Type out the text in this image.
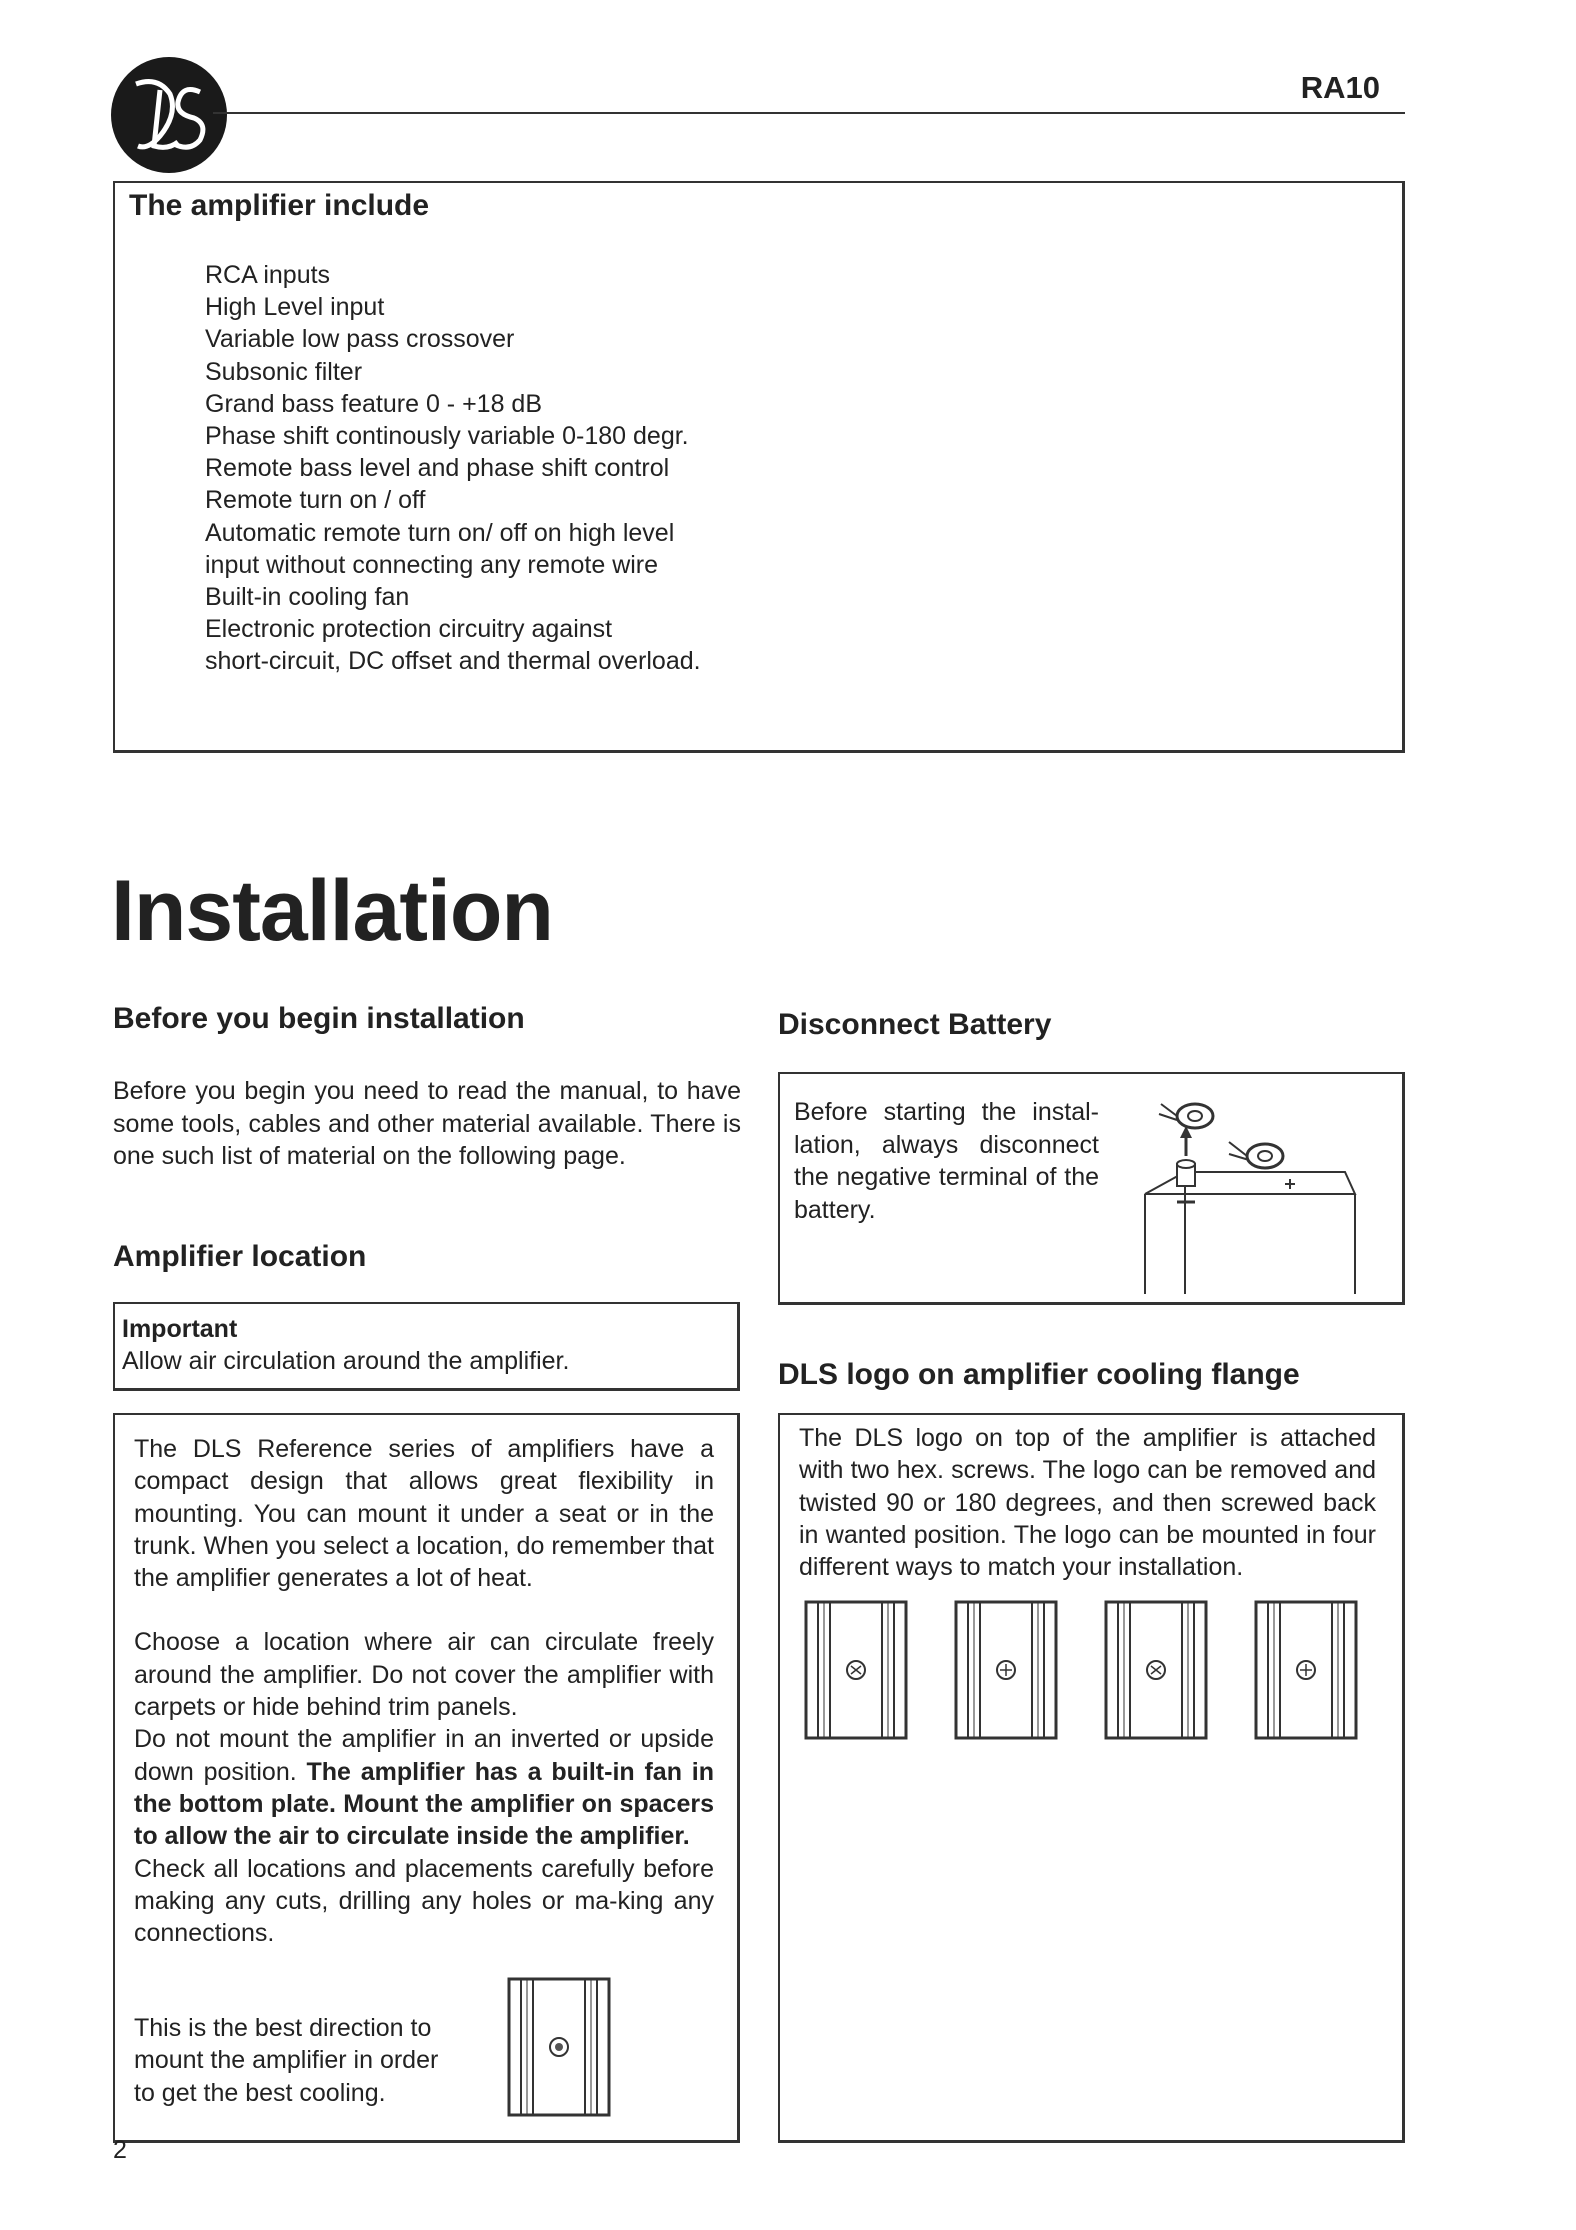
RA10
The amplifier include
RCA inputs
High Level input
Variable low pass crossover
Subsonic filter
Grand bass feature 0 - +18 dB
Phase shift continously variable 0-180 degr.
Remote bass level and phase shift control
Remote turn on / off
Automatic remote turn on/ off on high level
input without connecting any remote wire
Built-in cooling fan
Electronic protection circuitry against
short-circuit, DC offset and thermal overload.
Installation
Before you begin installation	Disconnect Battery
Amplifier location
DLS logo on amplifier cooling flange
Before you begin you need to read the manual, to have some tools, cables and other material available. There is one such list of material on the following page.
Before starting the instal-lation, always disconnect the negative terminal of the battery.
Important
Allow air circulation around the amplifier.

The DLS Reference series of amplifiers have a compact design that allows great flexibility in mounting. You can mount it under a seat or in the trunk. When you select a location, do remember that the amplifier generates a lot of heat.

Choose a location where air can circulate freely around the amplifier. Do not cover the amplifier with carpets or hide behind trim panels.

Do not mount the amplifier in an inverted or upside down position. The amplifier has a built-in fan in the bottom plate. Mount the amplifier on spacers to allow the air to circulate inside the amplifier.

Check all locations and placements carefully before making any cuts, drilling any holes or ma-king any connections.

This is the best direction to mount the amplifier in order to get the best cooling.
The DLS logo on top of the amplifier is attached with two hex. screws. The logo can be removed and twisted 90 or 180 degrees, and then screwed back in wanted position. The logo can be mounted in four different ways to match your installation.
2
